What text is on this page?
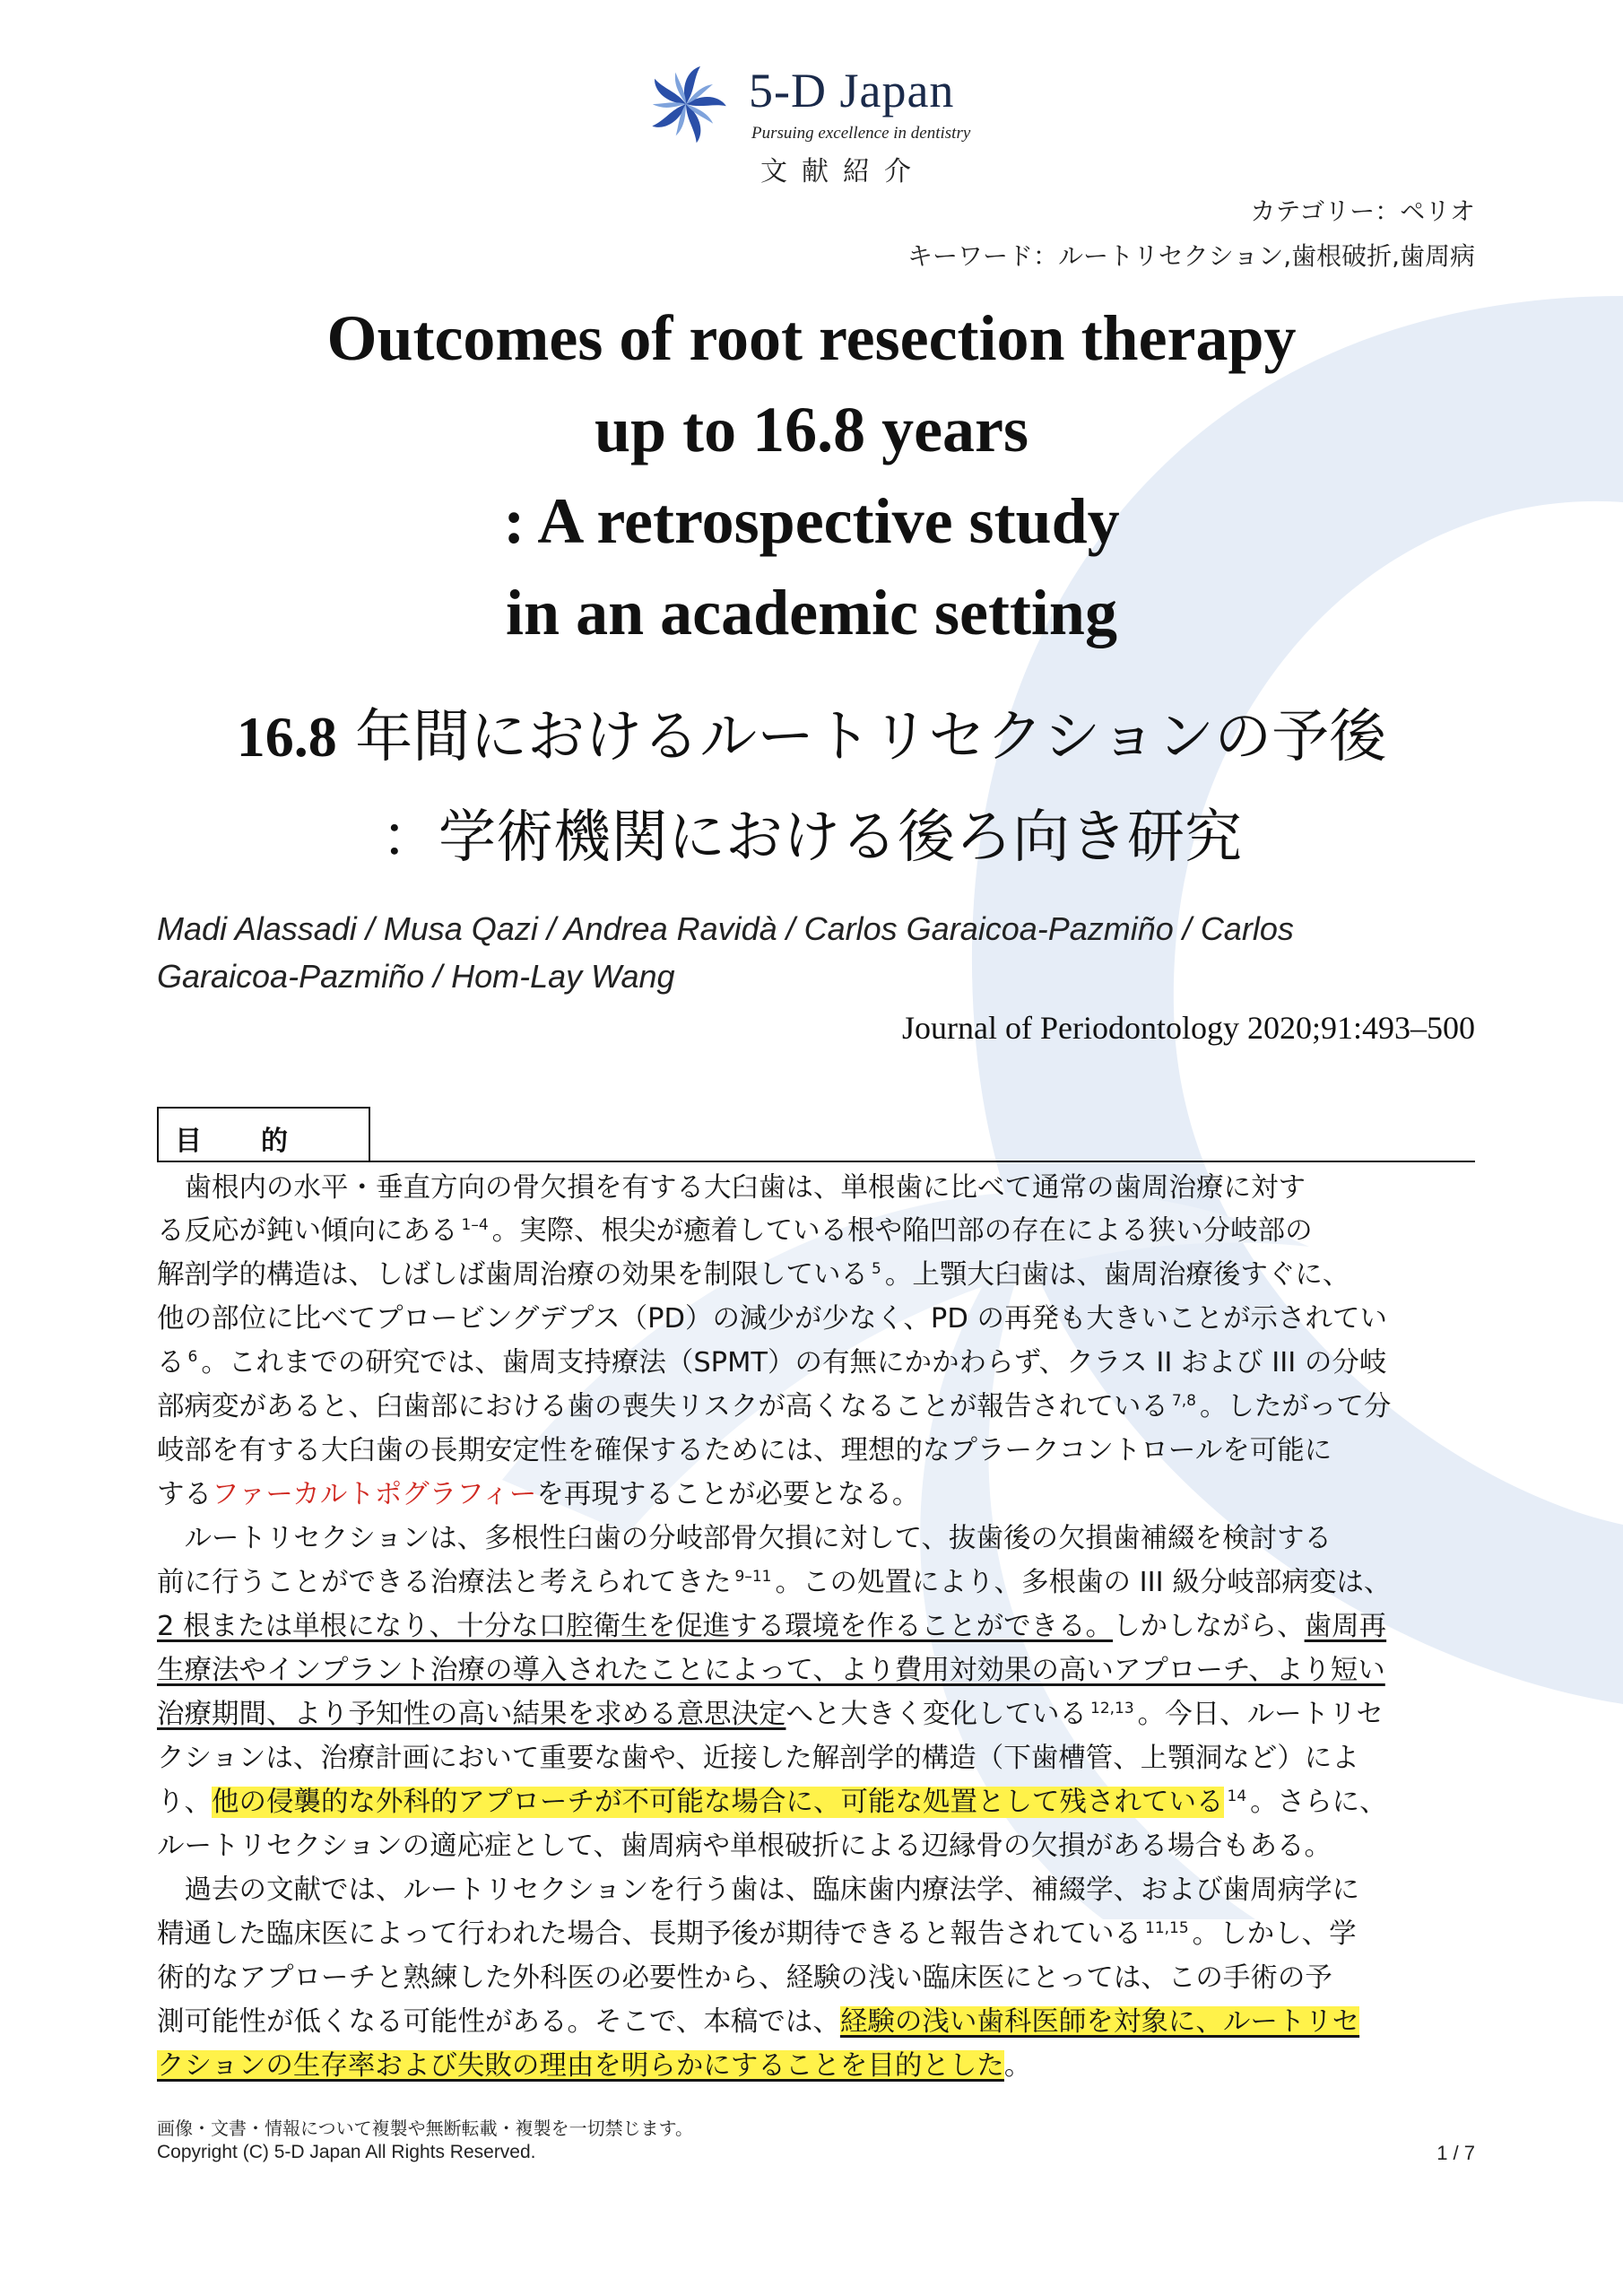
5-D Japan
Pursuing excellence in dentistry
文献紹介
カテゴリー：ペリオ
キーワード：ルートリセクション,歯根破折,歯周病
Outcomes of root resection therapy
up to 16.8 years
: A retrospective study
in an academic setting
16.8 年間におけるルートリセクションの予後
：学術機関における後ろ向き研究
Madi Alassadi / Musa Qazi / Andrea Ravidà / Carlos Garaicoa-Pazmiño / Carlos
Garaicoa-Pazmiño / Hom-Lay Wang
Journal of Periodontology 2020;91:493–500
目的
　歯根内の水平・垂直方向の骨欠損を有する大臼歯は、単根歯に比べて通常の歯周治療に対す
る反応が鈍い傾向にある $^{1-4}$ 。実際、根尖が癒着している根や陥凹部の存在による狭い分岐部の
解剖学的構造は、しばしば歯周治療の効果を制限している $^5$ 。上顎大臼歯は、歯周治療後すぐに、
他の部位に比べてプロービングデプス（PD）の減少が少なく、PD の再発も大きいことが示されてい
る $^6$ 。これまでの研究では、歯周支持療法（SPMT）の有無にかかわらず、クラス II および III の分岐
部病変があると、臼歯部における歯の喪失リスクが高くなることが報告されている $^{7,8}$ 。したがって分
岐部を有する大臼歯の長期安定性を確保するためには、理想的なプラークコントロールを可能に
するファーカルトポグラフィーを再現することが必要となる。
　ルートリセクションは、多根性臼歯の分岐部骨欠損に対して、抜歯後の欠損歯補綴を検討する
前に行うことができる治療法と考えられてきた $^{9-11}$ 。この処置により、多根歯の III 級分岐部病変は、
2 根または単根になり、十分な口腔衛生を促進する環境を作ることができる。しかしながら、歯周再
生療法やインプラント治療の導入されたことによって、より費用対効果の高いアプローチ、より短い
治療期間、より予知性の高い結果を求める意思決定へと大きく変化している $^{12,13}$ 。今日、ルートリセ
クションは、治療計画において重要な歯や、近接した解剖学的構造（下歯槽管、上顎洞など）によ
り、他の侵襲的な外科的アプローチが不可能な場合に、可能な処置として残されている $^{14}$ 。さらに、
ルートリセクションの適応症として、歯周病や単根破折による辺縁骨の欠損がある場合もある。
　過去の文献では、ルートリセクションを行う歯は、臨床歯内療法学、補綴学、および歯周病学に
精通した臨床医によって行われた場合、長期予後が期待できると報告されている $^{11,15}$ 。しかし、学
術的なアプローチと熟練した外科医の必要性から、経験の浅い臨床医にとっては、この手術の予
測可能性が低くなる可能性がある。そこで、本稿では、経験の浅い歯科医師を対象に、ルートリセ
クションの生存率および失敗の理由を明らかにすることを目的とした。
画像・文書・情報について複製や無断転載・複製を一切禁じます。
Copyright (C) 5-D Japan All Rights Reserved.	1 / 7
